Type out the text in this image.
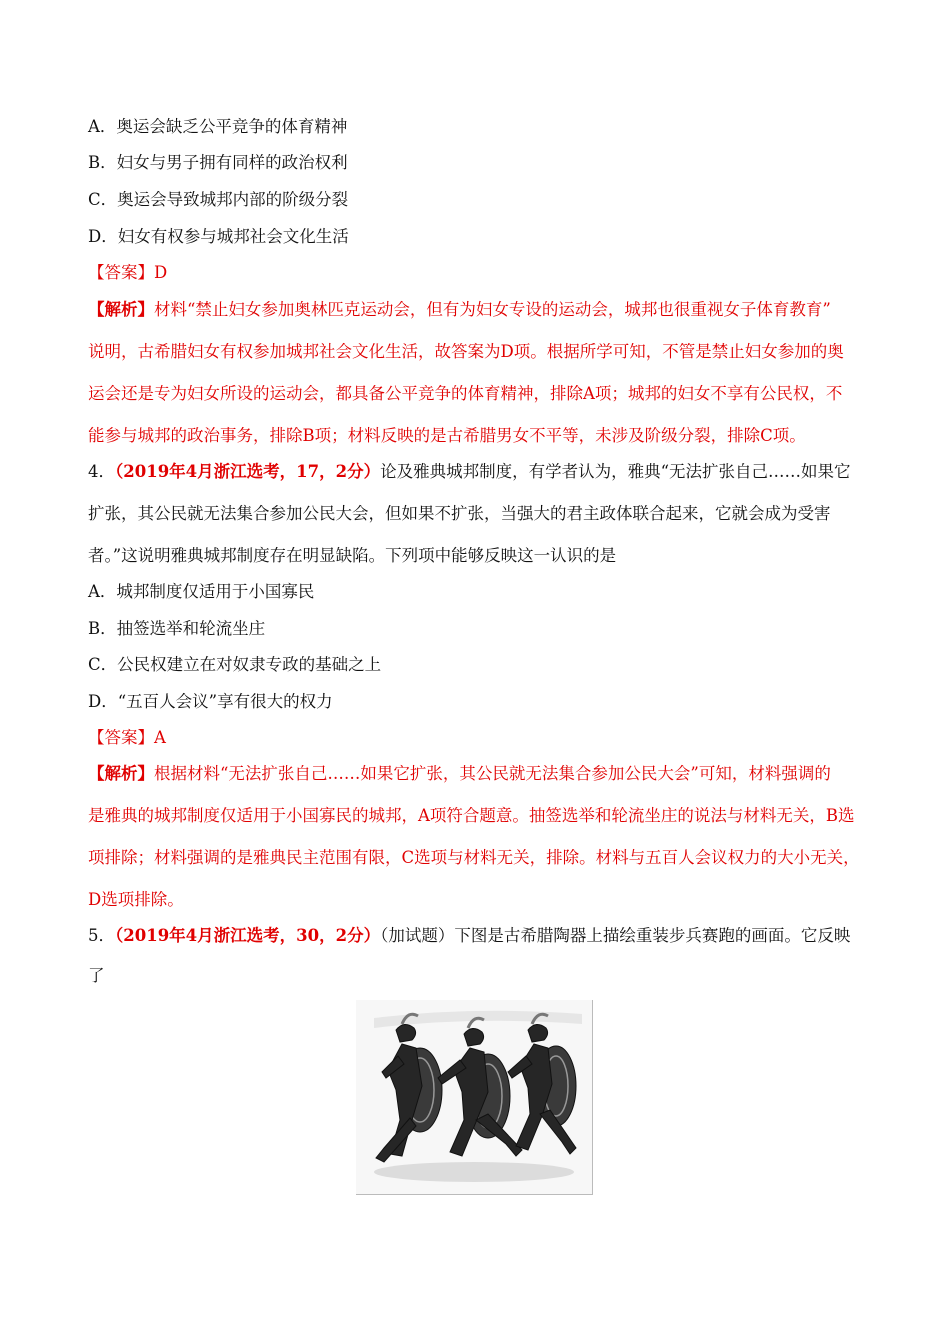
A．奥运会缺乏公平竞争的体育精神
B．妇女与男子拥有同样的政治权利
C．奥运会导致城邦内部的阶级分裂
D．妇女有权参与城邦社会文化生活
【答案】D
【解析】材料“禁止妇女参加奥林匹克运动会，但有为妇女专设的运动会，城邦也很重视女子体育教育”
说明，古希腊妇女有权参加城邦社会文化生活，故答案为D项。根据所学可知，不管是禁止妇女参加的奥
运会还是专为妇女所设的运动会，都具备公平竞争的体育精神，排除A项；城邦的妇女不享有公民权，不
能参与城邦的政治事务，排除B项；材料反映的是古希腊男女不平等，未涉及阶级分裂，排除C项。
4．（2019年4月浙江选考，17，2分）论及雅典城邦制度，有学者认为，雅典“无法扩张自己……如果它
扩张，其公民就无法集合参加公民大会，但如果不扩张，当强大的君主政体联合起来，它就会成为受害
者。”这说明雅典城邦制度存在明显缺陷。下列项中能够反映这一认识的是
A．城邦制度仅适用于小国寡民
B．抽签选举和轮流坐庄
C．公民权建立在对奴隶专政的基础之上
D．“五百人会议”享有很大的权力
【答案】A
【解析】根据材料“无法扩张自己……如果它扩张，其公民就无法集合参加公民大会”可知，材料强调的
是雅典的城邦制度仅适用于小国寡民的城邦，A项符合题意。抽签选举和轮流坐庄的说法与材料无关，B选
项排除；材料强调的是雅典民主范围有限，C选项与材料无关，排除。材料与五百人会议权力的大小无关，
D选项排除。
5．（2019年4月浙江选考，30，2分）（加试题）下图是古希腊陶器上描绘重装步兵赛跑的画面。它反映
了
